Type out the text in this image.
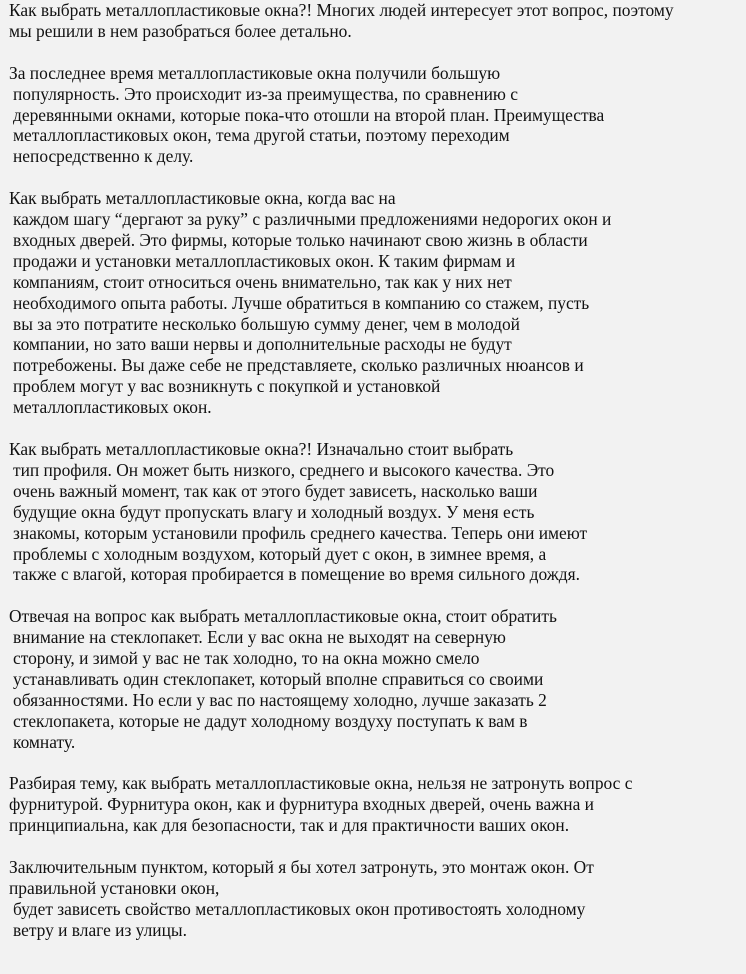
Как выбрать металлопластиковые окна?! Многих людей интересует этот вопрос, поэтому
мы решили в нем разобраться более детально.

За последнее время металлопластиковые окна получили большую
популярность. Это происходит из-за преимущества, по сравнению с
деревянными окнами, которые пока-что отошли на второй план. Преимущества
металлопластиковых окон, тема другой статьи, поэтому переходим
непосредственно к делу.

Как выбрать металлопластиковые окна, когда вас на
каждом шагу “дергают за руку” с различными предложениями недорогих окон и
входных дверей. Это фирмы, которые только начинают свою жизнь в области
продажи и установки металлопластиковых окон. К таким фирмам и
компаниям, стоит относиться очень внимательно, так как у них нет
необходимого опыта работы. Лучше обратиться в компанию со стажем, пусть
вы за это потратите несколько большую сумму денег, чем в молодой
компании, но зато ваши нервы и дополнительные расходы не будут
потребожены. Вы даже себе не представляете, сколько различных нюансов и
проблем могут у вас возникнуть с покупкой и установкой
металлопластиковых окон.

Как выбрать металлопластиковые окна?! Изначально стоит выбрать
тип профиля. Он может быть низкого, среднего и высокого качества. Это
очень важный момент, так как от этого будет зависеть, насколько ваши
будущие окна будут пропускать влагу и холодный воздух. У меня есть
знакомы, которым установили профиль среднего качества. Теперь они имеют
проблемы с холодным воздухом, который дует с окон, в зимнее время, а
также с влагой, которая пробирается в помещение во время сильного дождя.

Отвечая на вопрос как выбрать металлопластиковые окна, стоит обратить
внимание на стеклопакет. Если у вас окна не выходят на северную
сторону, и зимой у вас не так холодно, то на окна можно смело
устанавливать один стеклопакет, который вполне справиться со своими
обязанностями. Но если у вас по настоящему холодно, лучше заказать 2
стеклопакета, которые не дадут холодному воздуху поступать к вам в
комнату.

Разбирая тему, как выбрать металлопластиковые окна, нельзя не затронуть вопрос с
фурнитурой. Фурнитура окон, как и фурнитура входных дверей, очень важна и
принципиальна, как для безопасности, так и для практичности ваших окон.

Заключительным пунктом, который я бы хотел затронуть, это монтаж окон. От
правильной установки окон,
будет зависеть свойство металлопластиковых окон противостоять холодному
ветру и влаге из улицы.
